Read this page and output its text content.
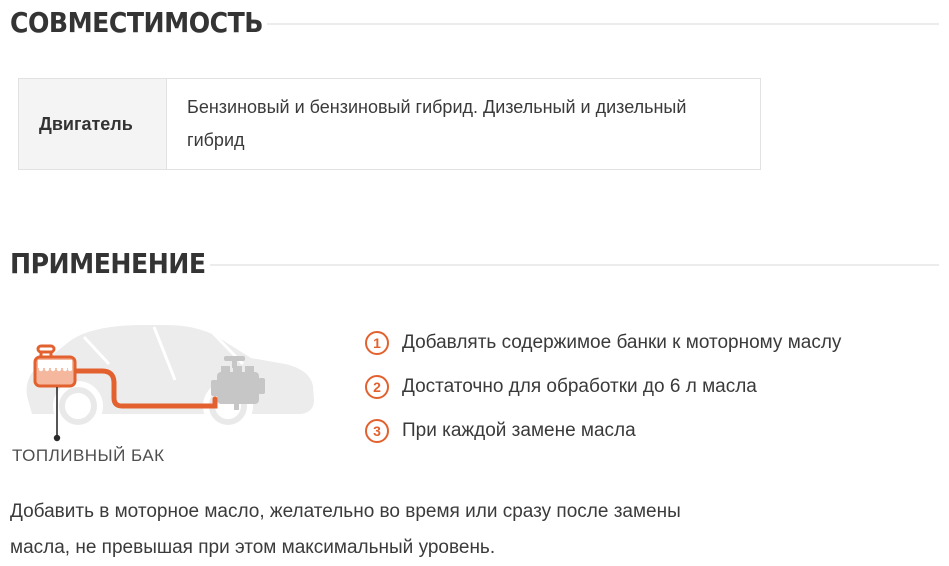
СОВМЕСТИМОСТЬ
Двигатель	Бензиновый и бензиновый гибрид. Дизельный и дизельный гибрид
ПРИМЕНЕНИЕ
ТОПЛИВНЫЙ БАК
1	Добавлять содержимое банки к моторному маслу
2	Достаточно для обработки до 6 л масла
3	При каждой замене масла

Добавить в моторное масло, желательно во время или сразу после замены масла, не превышая при этом максимальный уровень.
